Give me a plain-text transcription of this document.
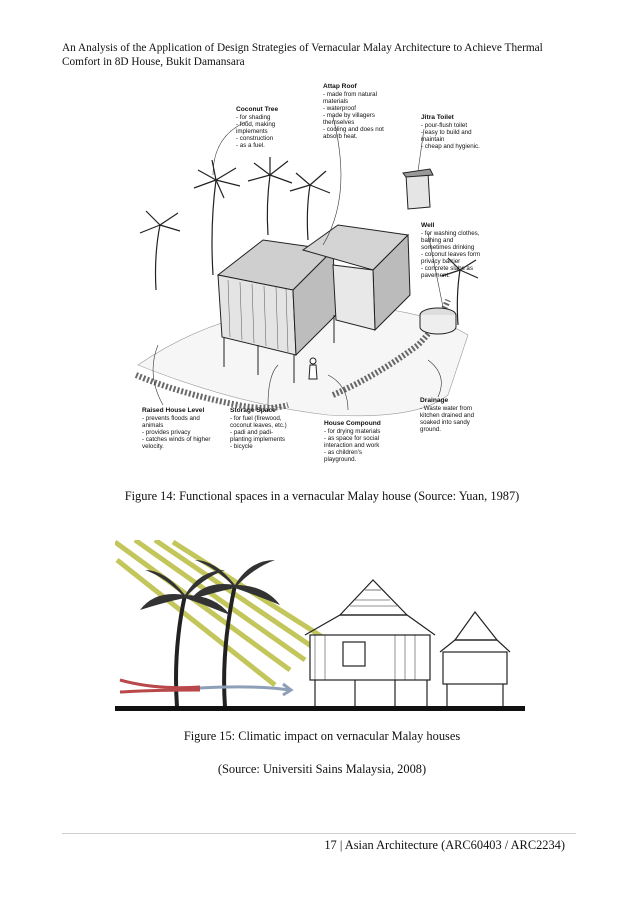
An Analysis of the Application of Design Strategies of Vernacular Malay Architecture to Achieve Thermal
Comfort in 8D House, Bukit Damansara
Coconut Tree
- for shading
- food, making
implements
- construction
- as a fuel.
Attap Roof
- made from natural
materials
- waterproof
- made by villagers
themselves
- cooling and does not
absorb heat.
Jitra Toilet
- pour-flush toilet
- easy to build and
maintain
- cheap and hygienic.
Well
- for washing clothes,
bathing and
sometimes drinking
- coconut leaves form
privacy barrier
- concrete slabs as
pavement.
Raised House Level
- prevents floods and
animals
- provides privacy
- catches winds of higher
velocity.
Storage Space
- for fuel (firewood,
coconut leaves, etc.)
- padi and padi-
planting implements
- bicycle
House Compound
- for drying materials
- as space for social
interaction and work
- as children's
playground.
Drainage
- Waste water from
kitchen drained and
soaked into sandy
ground.
Figure 14: Functional spaces in a vernacular Malay house (Source: Yuan, 1987)
Figure 15: Climatic impact on vernacular Malay houses
(Source: Universiti Sains Malaysia, 2008)
17 | Asian Architecture (ARC60403 / ARC2234)
